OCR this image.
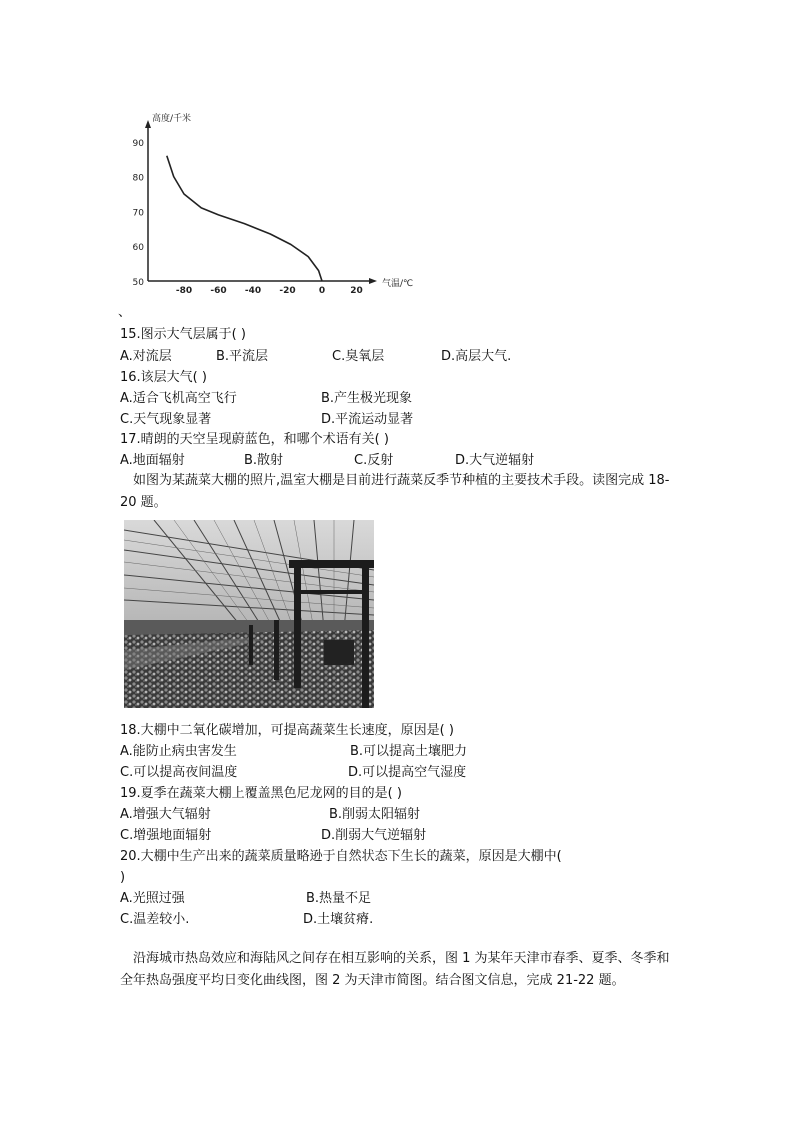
50
60
70
80
90
-80 -60 -40 -20	0	20
高度/千米
气温/℃
、
15.图示大气层属于( )
A.对流层	B.平流层	C.臭氧层	D.高层大气.
16.该层大气( )
A.适合飞机高空飞行	B.产生极光现象
C.天气现象显著	D.平流运动显著
17.晴朗的天空呈现蔚蓝色，和哪个术语有关( )
A.地面辐射	B.散射	C.反射	D.大气逆辐射
如图为某蔬菜大棚的照片,温室大棚是目前进行蔬菜反季节种植的主要技术手段。读图完成 18-20 题。
18.大棚中二氧化碳增加，可提高蔬菜生长速度，原因是( )
A.能防止病虫害发生	B.可以提高土壤肥力
C.可以提高夜间温度	D.可以提高空气湿度
19.夏季在蔬菜大棚上覆盖黑色尼龙网的目的是( )
A.增强大气辐射	B.削弱太阳辐射
C.增强地面辐射	D.削弱大气逆辐射
20.大棚中生产出来的蔬菜质量略逊于自然状态下生长的蔬菜，原因是大棚中(
)
A.光照过强	B.热量不足
C.温差较小.	D.土壤贫瘠.
沿海城市热岛效应和海陆风之间存在相互影响的关系，图 1 为某年天津市春季、夏季、冬季和全年热岛强度平均日变化曲线图，图 2 为天津市简图。结合图文信息，完成 21-22 题。
